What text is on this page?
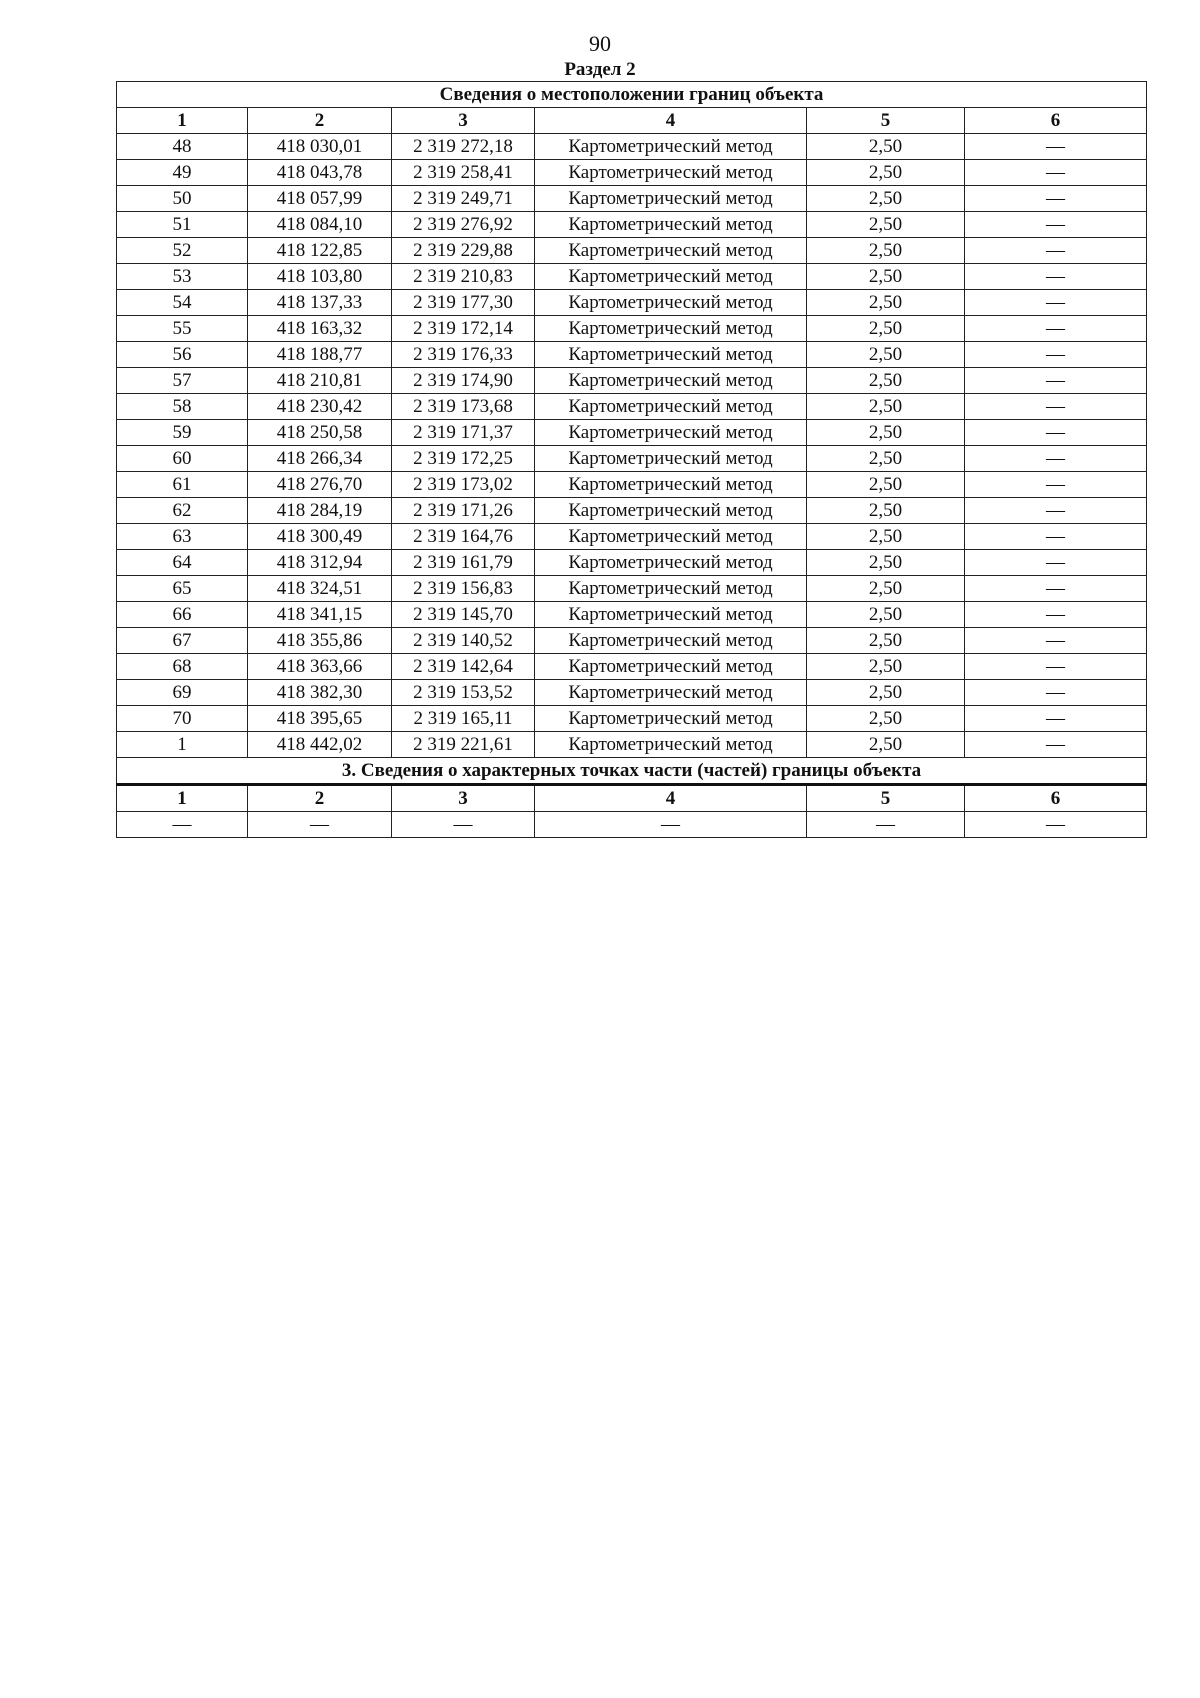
90
Раздел 2
Сведения о местоположении границ объекта					
1	2	3	4	5	6
48	418 030,01	2 319 272,18	Картометрический метод	2,50	—
49	418 043,78	2 319 258,41	Картометрический метод	2,50	—
50	418 057,99	2 319 249,71	Картометрический метод	2,50	—
51	418 084,10	2 319 276,92	Картометрический метод	2,50	—
52	418 122,85	2 319 229,88	Картометрический метод	2,50	—
53	418 103,80	2 319 210,83	Картометрический метод	2,50	—
54	418 137,33	2 319 177,30	Картометрический метод	2,50	—
55	418 163,32	2 319 172,14	Картометрический метод	2,50	—
56	418 188,77	2 319 176,33	Картометрический метод	2,50	—
57	418 210,81	2 319 174,90	Картометрический метод	2,50	—
58	418 230,42	2 319 173,68	Картометрический метод	2,50	—
59	418 250,58	2 319 171,37	Картометрический метод	2,50	—
60	418 266,34	2 319 172,25	Картометрический метод	2,50	—
61	418 276,70	2 319 173,02	Картометрический метод	2,50	—
62	418 284,19	2 319 171,26	Картометрический метод	2,50	—
63	418 300,49	2 319 164,76	Картометрический метод	2,50	—
64	418 312,94	2 319 161,79	Картометрический метод	2,50	—
65	418 324,51	2 319 156,83	Картометрический метод	2,50	—
66	418 341,15	2 319 145,70	Картометрический метод	2,50	—
67	418 355,86	2 319 140,52	Картометрический метод	2,50	—
68	418 363,66	2 319 142,64	Картометрический метод	2,50	—
69	418 382,30	2 319 153,52	Картометрический метод	2,50	—
70	418 395,65	2 319 165,11	Картометрический метод	2,50	—
1	418 442,02	2 319 221,61	Картометрический метод	2,50	—
3. Сведения о характерных точках части (частей) границы объекта					
1	2	3	4	5	6
—	—	—	—	—	—
